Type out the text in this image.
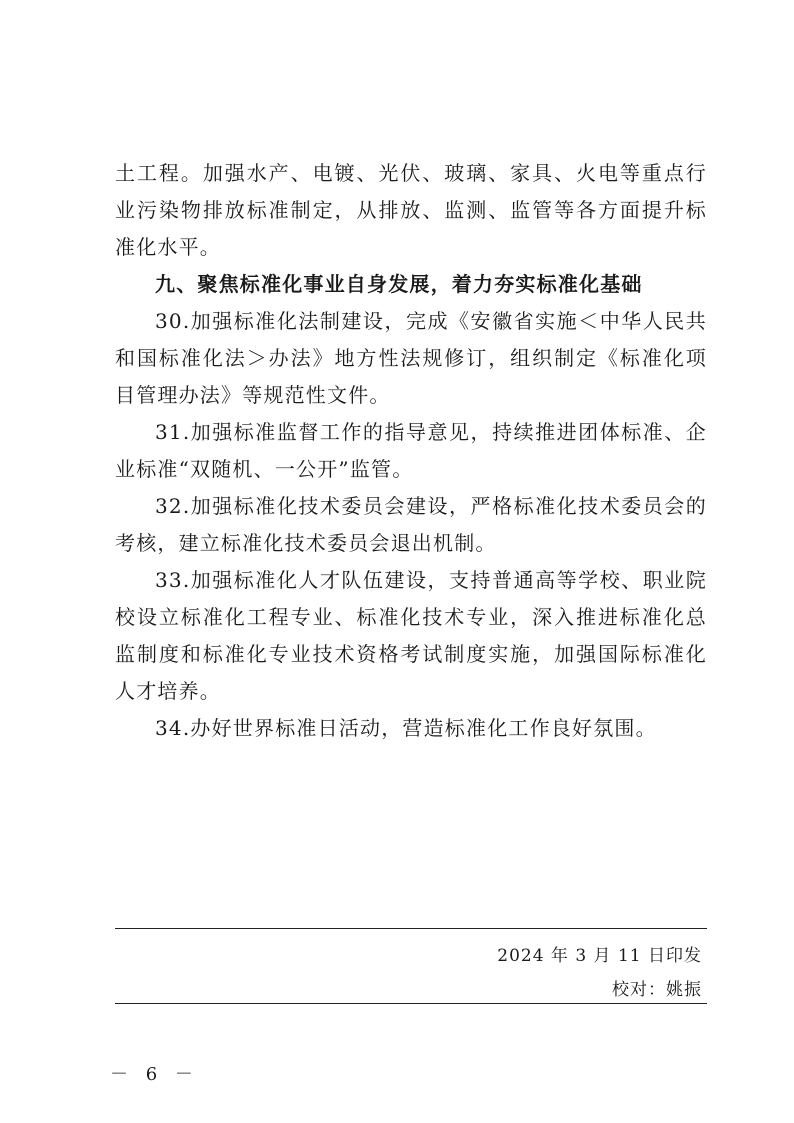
土工程。加强水产、电镀、光伏、玻璃、家具、火电等重点行业污染物排放标准制定，从排放、监测、监管等各方面提升标准化水平。

九、聚焦标准化事业自身发展，着力夯实标准化基础

30.加强标准化法制建设，完成《安徽省实施＜中华人民共和国标准化法＞办法》地方性法规修订，组织制定《标准化项目管理办法》等规范性文件。

31.加强标准监督工作的指导意见，持续推进团体标准、企业标准“双随机、一公开”监管。

32.加强标准化技术委员会建设，严格标准化技术委员会的考核，建立标准化技术委员会退出机制。

33.加强标准化人才队伍建设，支持普通高等学校、职业院校设立标准化工程专业、标准化技术专业，深入推进标准化总监制度和标准化专业技术资格考试制度实施，加强国际标准化人才培养。

34.办好世界标准日活动，营造标准化工作良好氛围。

2024 年 3 月 11 日印发
校对：姚振
－ 6 －
